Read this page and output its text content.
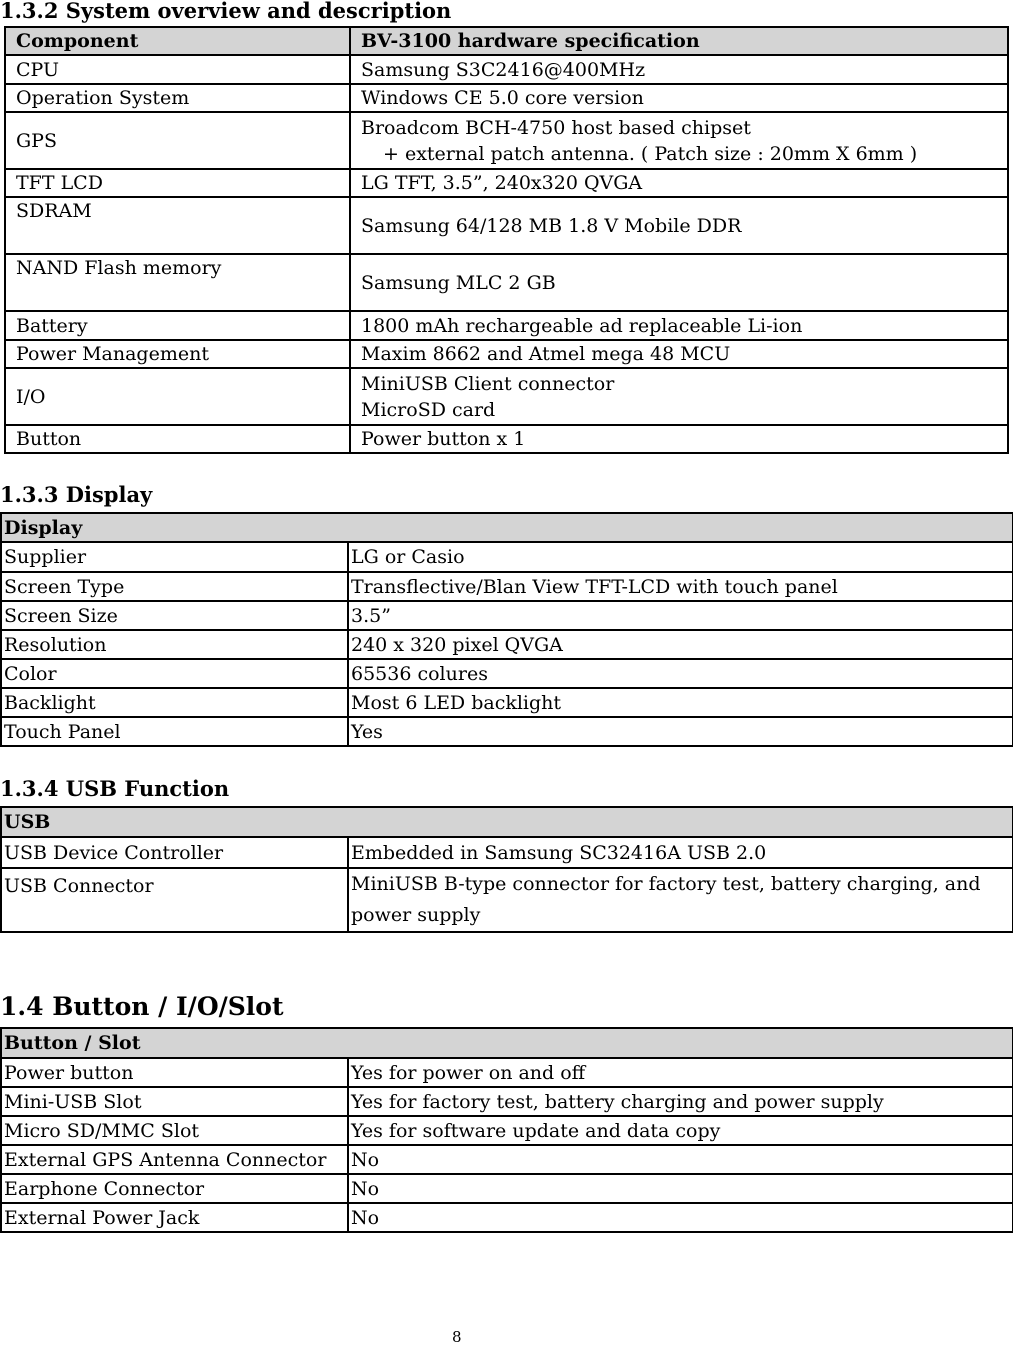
1.3.2 System overview and description
Component	BV-3100 hardware specification
CPU	Samsung S3C2416@400MHz
Operation System	Windows CE 5.0 core version
GPS	Broadcom BCH-4750 host based chipset
+ external patch antenna. ( Patch size : 20mm X 6mm )

TFT LCD	LG TFT, 3.5”, 240x320 QVGA
SDRAM	Samsung 64/128 MB 1.8 V Mobile DDR
NAND Flash memory	Samsung MLC 2 GB
Battery	1800 mAh rechargeable ad replaceable Li-ion
Power Management	Maxim 8662 and Atmel mega 48 MCU
I/O	MiniUSB Client connector
MicroSD card

Button	Power button x 1
1.3.3 Display
Display	
Supplier	LG or Casio
Screen Type	Transflective/Blan View TFT-LCD with touch panel
Screen Size	3.5”
Resolution	240 x 320 pixel QVGA
Color	65536 colures
Backlight	Most 6 LED backlight
Touch Panel	Yes
1.3.4 USB Function
USB	
USB Device Controller	Embedded in Samsung SC32416A USB 2.0
USB Connector	MiniUSB B-type connector for factory test, battery charging, and
power supply
1.4 Button / I/O/Slot
Button / Slot	
Power button	Yes for power on and off
Mini-USB Slot	Yes for factory test, battery charging and power supply
Micro SD/MMC Slot	Yes for software update and data copy
External GPS Antenna Connector	No
Earphone Connector	No
External Power Jack	No
8
